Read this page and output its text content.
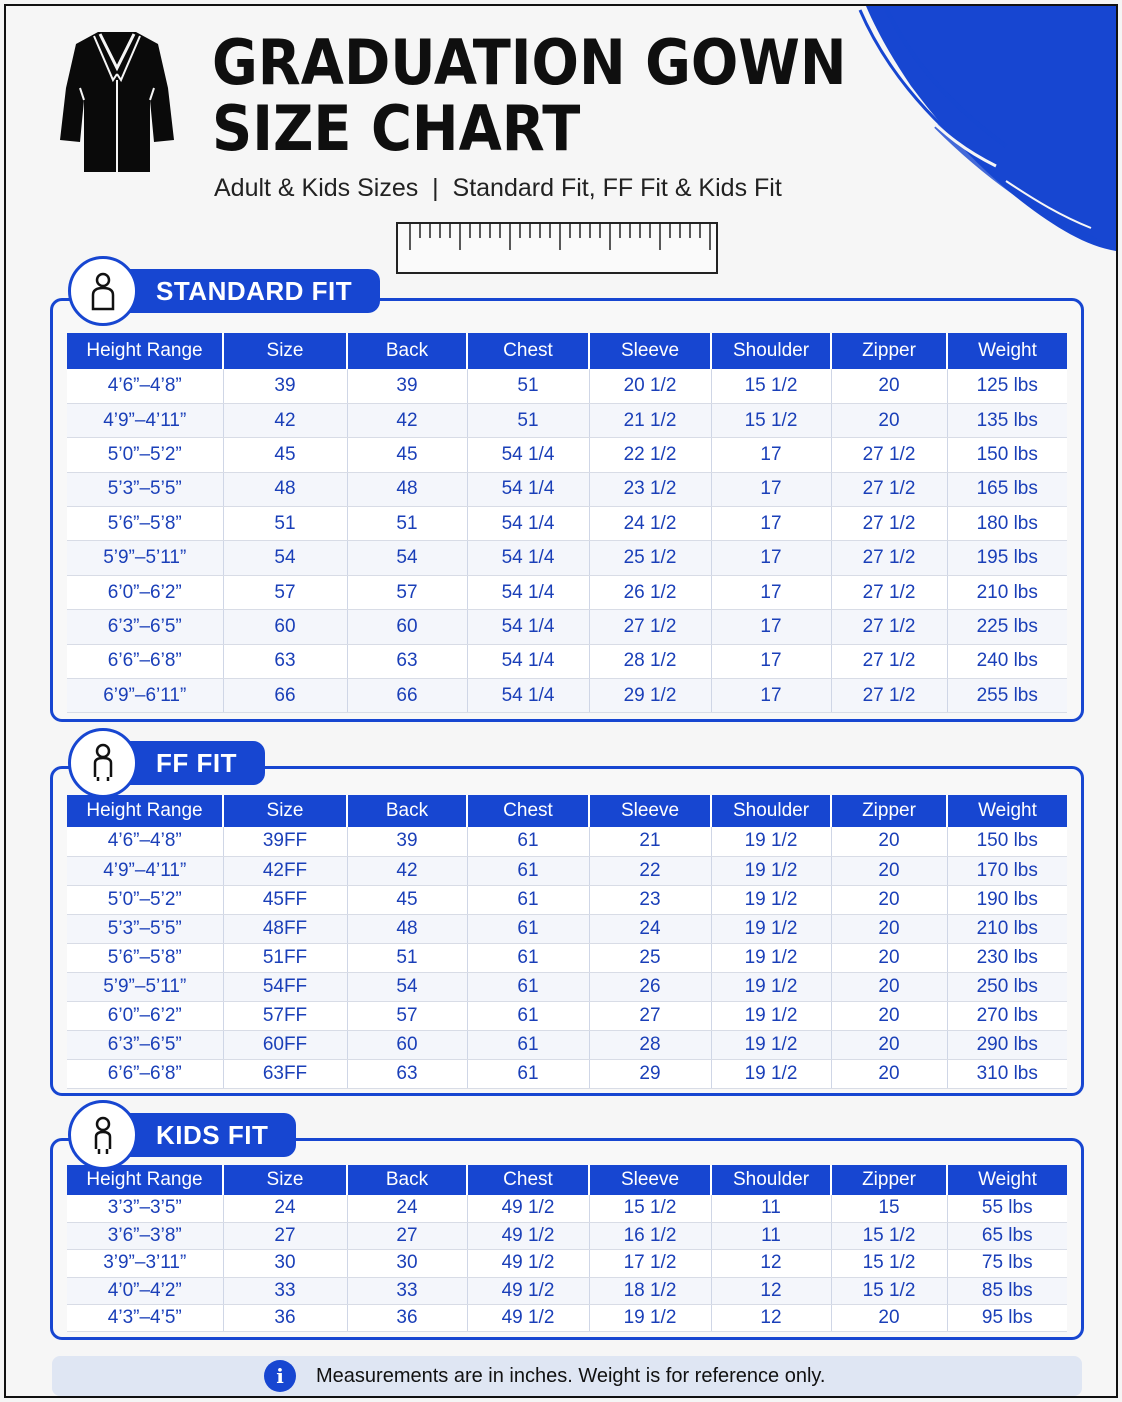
GRADUATION GOWN
SIZE CHART
Adult & Kids Sizes  |  Standard Fit, FF Fit & Kids Fit
Height Range	Size	Back	Chest	Sleeve	Shoulder	Zipper	Weight
4’6”–4’8”	39	39	51	20 1/2	15 1/2	20	125 lbs
4’9”–4’11”	42	42	51	21 1/2	15 1/2	20	135 lbs
5’0”–5’2”	45	45	54 1/4	22 1/2	17	27 1/2	150 lbs
5’3”–5’5”	48	48	54 1/4	23 1/2	17	27 1/2	165 lbs
5’6”–5’8”	51	51	54 1/4	24 1/2	17	27 1/2	180 lbs
5’9”–5’11”	54	54	54 1/4	25 1/2	17	27 1/2	195 lbs
6’0”–6’2”	57	57	54 1/4	26 1/2	17	27 1/2	210 lbs
6’3”–6’5”	60	60	54 1/4	27 1/2	17	27 1/2	225 lbs
6’6”–6’8”	63	63	54 1/4	28 1/2	17	27 1/2	240 lbs
6’9”–6’11”	66	66	54 1/4	29 1/2	17	27 1/2	255 lbs
STANDARD FIT
Height Range	Size	Back	Chest	Sleeve	Shoulder	Zipper	Weight
4’6”–4’8”	39FF	39	61	21	19 1/2	20	150 lbs
4’9”–4’11”	42FF	42	61	22	19 1/2	20	170 lbs
5’0”–5’2”	45FF	45	61	23	19 1/2	20	190 lbs
5’3”–5’5”	48FF	48	61	24	19 1/2	20	210 lbs
5’6”–5’8”	51FF	51	61	25	19 1/2	20	230 lbs
5’9”–5’11”	54FF	54	61	26	19 1/2	20	250 lbs
6’0”–6’2”	57FF	57	61	27	19 1/2	20	270 lbs
6’3”–6’5”	60FF	60	61	28	19 1/2	20	290 lbs
6’6”–6’8”	63FF	63	61	29	19 1/2	20	310 lbs
FF FIT
Height Range	Size	Back	Chest	Sleeve	Shoulder	Zipper	Weight
3’3”–3’5”	24	24	49 1/2	15 1/2	11	15	55 lbs
3’6”–3’8”	27	27	49 1/2	16 1/2	11	15 1/2	65 lbs
3’9”–3’11”	30	30	49 1/2	17 1/2	12	15 1/2	75 lbs
4’0”–4’2”	33	33	49 1/2	18 1/2	12	15 1/2	85 lbs
4’3”–4’5”	36	36	49 1/2	19 1/2	12	20	95 lbs
KIDS FIT
i	Measurements are in inches. Weight is for reference only.
